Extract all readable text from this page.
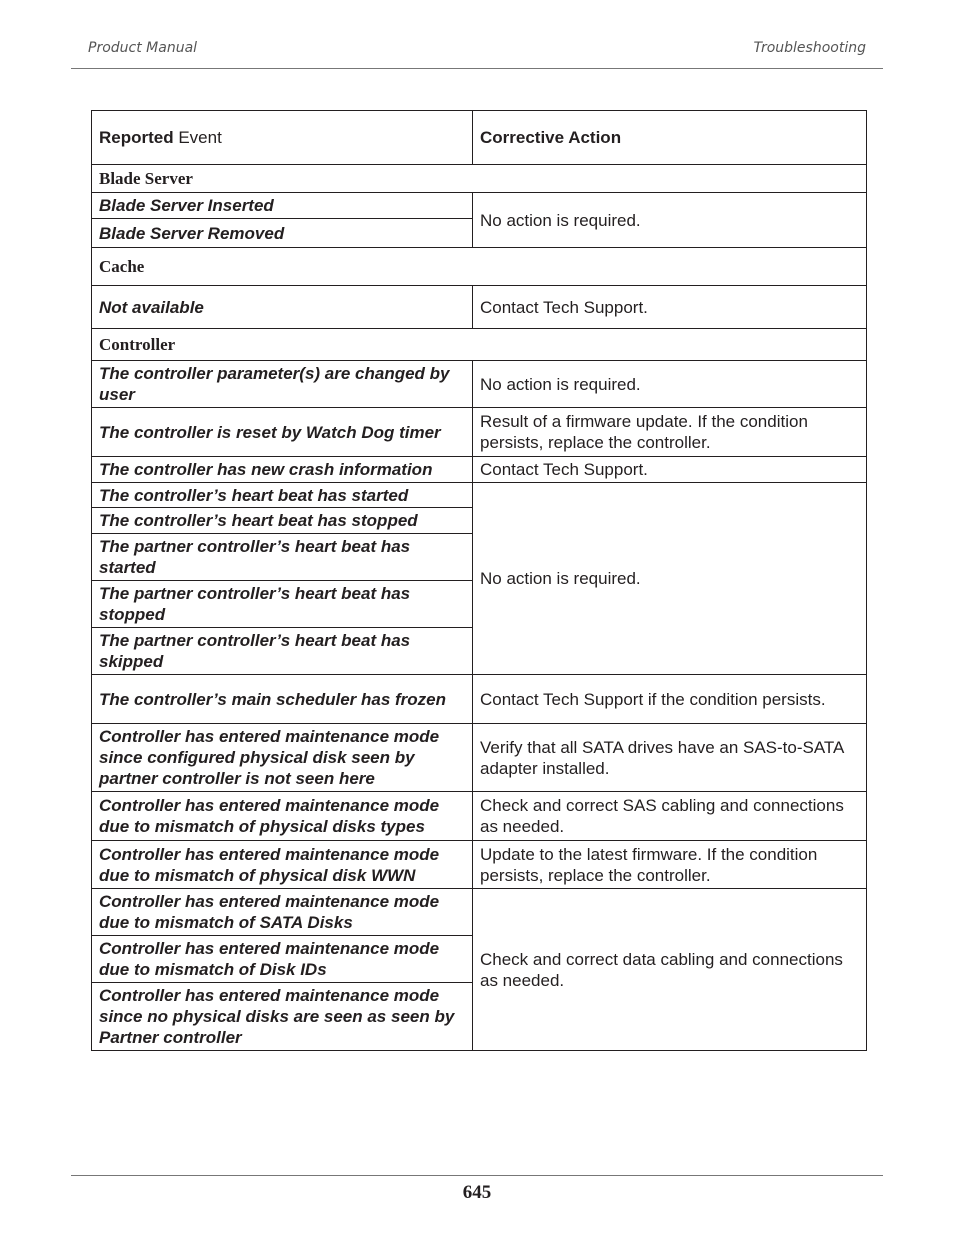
Product Manual	Troubleshooting
Reported Event	Corrective Action
Blade Server	
Blade Server Inserted	No action is required.
Blade Server Removed	
Cache	
Not available	Contact Tech Support.
Controller	
The controller parameter(s) are changed by user	No action is required.
The controller is reset by Watch Dog timer	Result of a firmware update. If the condition persists, replace the controller.
The controller has new crash information	Contact Tech Support.
The controller’s heart beat has started	No action is required.
The controller’s heart beat has stopped	
The partner controller’s heart beat has started	
The partner controller’s heart beat has stopped	
The partner controller’s heart beat has skipped	
The controller’s main scheduler has frozen	Contact Tech Support if the condition persists.
Controller has entered maintenance mode since configured physical disk seen by partner controller is not seen here	Verify that all SATA drives have an SAS-to-SATA adapter installed.
Controller has entered maintenance mode due to mismatch of physical disks types	Check and correct SAS cabling and connections as needed.
Controller has entered maintenance mode due to mismatch of physical disk WWN	Update to the latest firmware. If the condition persists, replace the controller.
Controller has entered maintenance mode due to mismatch of SATA Disks	Check and correct data cabling and connections as needed.
Controller has entered maintenance mode due to mismatch of Disk IDs	
Controller has entered maintenance mode since no physical disks are seen as seen by Partner controller	
645
